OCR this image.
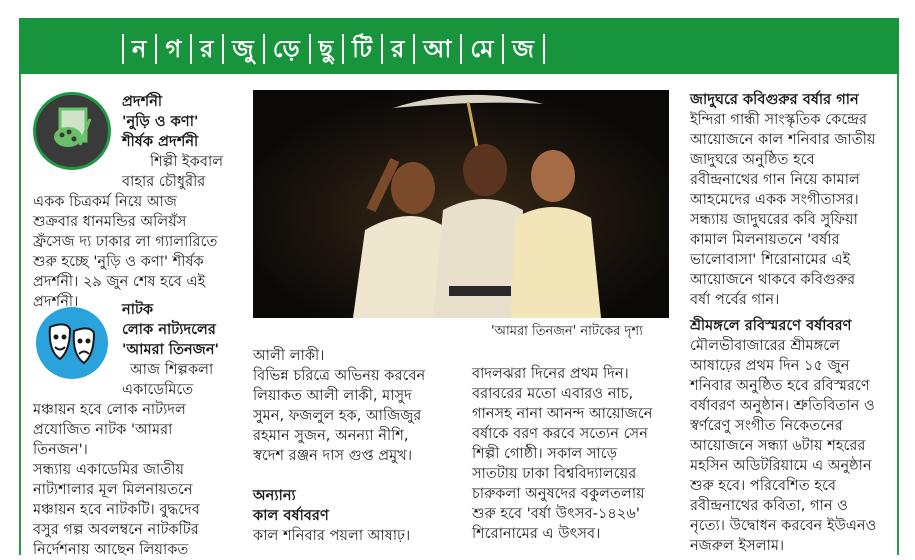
ন গ র জু ড়ে ছু টি র আ মে জ

প্রদর্শনী

'নুড়ি ও কণা'

শীর্ষক প্রদর্শনী

শিল্পী ইকবাল

বাহার চৌধুরীর

একক চিত্রকর্ম নিয়ে আজ

শুক্রবার ধানমন্ডির অলিয়ঁস

ফ্রঁসেজ দ্য ঢাকার লা গ্যালারিতে

শুরু হচ্ছে 'নুড়ি ও কণা' শীর্ষক

প্রদর্শনী। ২৯ জুন শেষ হবে এই

প্রদর্শনী।	নাটক

লোক নাট্যদলের

'আমরা তিনজন'

আজ শিল্পকলা

একাডেমিতে

মঞ্চায়ন হবে লোক নাট্যদল

প্রযোজিত নাটক 'আমরা

তিনজন'।

সন্ধ্যায় একাডেমির জাতীয়

নাট্যশালার মূল মিলনায়তনে

মঞ্চায়ন হবে নাটকটি। বুদ্ধদেব

বসুর গল্প অবলম্বনে নাটকটির

নির্দেশনায় আছেন লিয়াকত

'আমরা তিনজন' নাটকের দৃশ্য

আলী লাকী।

বিভিন্ন চরিত্রে অভিনয় করবেন

লিয়াকত আলী লাকী, মাসুদ

সুমন, ফজলুল হক, আজিজুর

রহমান সুজন, অনন্যা নীশি,

স্বদেশ রঞ্জন দাস গুপ্ত প্রমুখ।

অন্যান্য

কাল বর্ষাবরণ

কাল শনিবার পয়লা আষাঢ়।

বাদলঝরা দিনের প্রথম দিন।

বরাবরের মতো এবারও নাচ,

গানসহ নানা আনন্দ আয়োজনে

বর্ষাকে বরণ করবে সত্যেন সেন

শিল্পী গোষ্ঠী। সকাল সাড়ে

সাতটায় ঢাকা বিশ্ববিদ্যালয়ের

চারুকলা অনুষদের বকুলতলায়

শুরু হবে 'বর্ষা উৎসব-১৪২৬'

শিরোনামের এ উৎসব।

জাদুঘরে কবিগুরুর বর্ষার গান

ইন্দিরা গান্ধী সাংস্কৃতিক কেন্দ্রের

আয়োজনে কাল শনিবার জাতীয়

জাদুঘরে অনুষ্ঠিত হবে

রবীন্দ্রনাথের গান নিয়ে কামাল

আহমেদের একক সংগীতাসর।

সন্ধ্যায় জাদুঘরের কবি সুফিয়া

কামাল মিলনায়তনে 'বর্ষার

ভালোবাসা' শিরোনামের এই

আয়োজনে থাকবে কবিগুরুর

বর্ষা পর্বের গান।

শ্রীমঙ্গলে রবিস্মরণে বর্ষাবরণ

মৌলভীবাজারের শ্রীমঙ্গলে

আষাঢ়ের প্রথম দিন ১৫ জুন

শনিবার অনুষ্ঠিত হবে রবিস্মরণে

বর্ষাবরণ অনুষ্ঠান। শ্রুতিবিতান ও

স্বর্ণরেণু সংগীত নিকেতনের

আয়োজনে সন্ধ্যা ৬টায় শহরের

মহসিন অডিটরিয়ামে এ অনুষ্ঠান

শুরু হবে। পরিবেশিত হবে

রবীন্দ্রনাথের কবিতা, গান ও

নৃত্যে। উদ্বোধন করবেন ইউএনও

নজরুল ইসলাম।
